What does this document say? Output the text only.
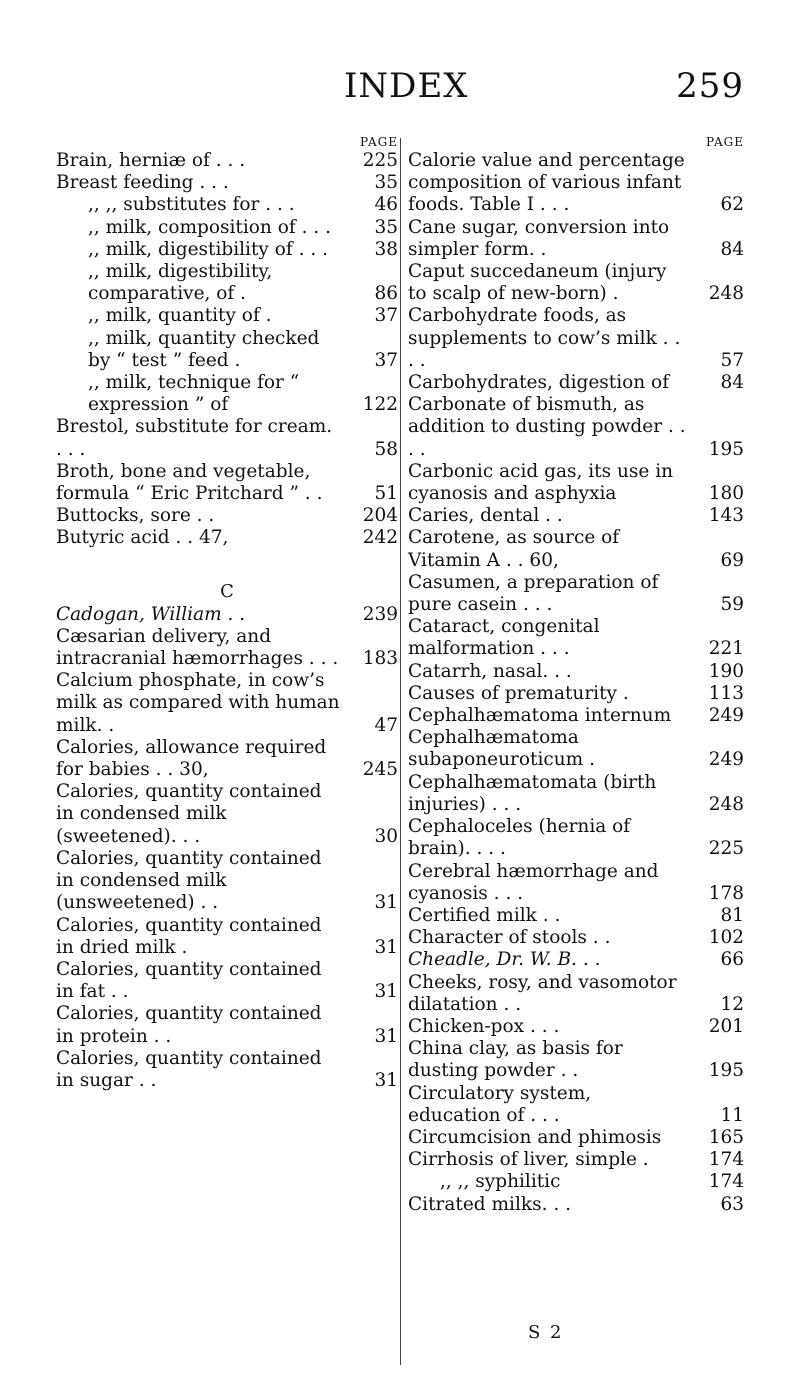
INDEX	259
PAGE
Brain, herniæ of . . .	225
Breast feeding . . .	35
,, ,, substitutes for . . .	46
,, milk, composition of . . .	35
,, milk, digestibility of . . .	38
,, milk, digestibility, comparative, of .	86
,, milk, quantity of .	37
,, milk, quantity checked by “ test ” feed .	37
,, milk, technique for “ expression ” of	122
Brestol, substitute for cream. . . .	58
Broth, bone and vegetable, formula “ Eric Pritchard ” . .	51
Buttocks, sore . .	204
Butyric acid . . 47,	242
C
Cadogan, William . .	239
Cæsarian delivery, and intracranial hæmorrhages . . .	183
Calcium phosphate, in cow’s milk as compared with human milk. .	47
Calories, allowance required for babies . . 30,	245
Calories, quantity contained in condensed milk (sweetened). . .	30
Calories, quantity contained in condensed milk (unsweetened) . .	31
Calories, quantity contained in dried milk .	31
Calories, quantity contained in fat . .	31
Calories, quantity contained in protein . .	31
Calories, quantity contained in sugar . .	31
PAGE
Calorie value and percentage composition of various infant foods. Table I . . .	62
Cane sugar, conversion into simpler form. .	84
Caput succedaneum (injury to scalp of new-born) .	248
Carbohydrate foods, as supplements to cow’s milk . . . .	57
Carbohydrates, digestion of	84
Carbonate of bismuth, as addition to dusting powder . . . .	195
Carbonic acid gas, its use in cyanosis and asphyxia	180
Caries, dental . .	143
Carotene, as source of Vitamin A . . 60,	69
Casumen, a preparation of pure casein . . .	59
Cataract, congenital malformation . . .	221
Catarrh, nasal. . .	190
Causes of prematurity .	113
Cephalhæmatoma internum	249
Cephalhæmatoma subaponeuroticum .	249
Cephalhæmatomata (birth injuries) . . .	248
Cephaloceles (hernia of brain). . . .	225
Cerebral hæmorrhage and cyanosis . . .	178
Certified milk . .	81
Character of stools . .	102
Cheadle, Dr. W. B. . .	66
Cheeks, rosy, and vasomotor dilatation . .	12
Chicken-pox . . .	201
China clay, as basis for dusting powder . .	195
Circulatory system, education of . . .	11
Circumcision and phimosis	165
Cirrhosis of liver, simple .	174
,, ,, syphilitic	174
Citrated milks. . .	63
S 2
